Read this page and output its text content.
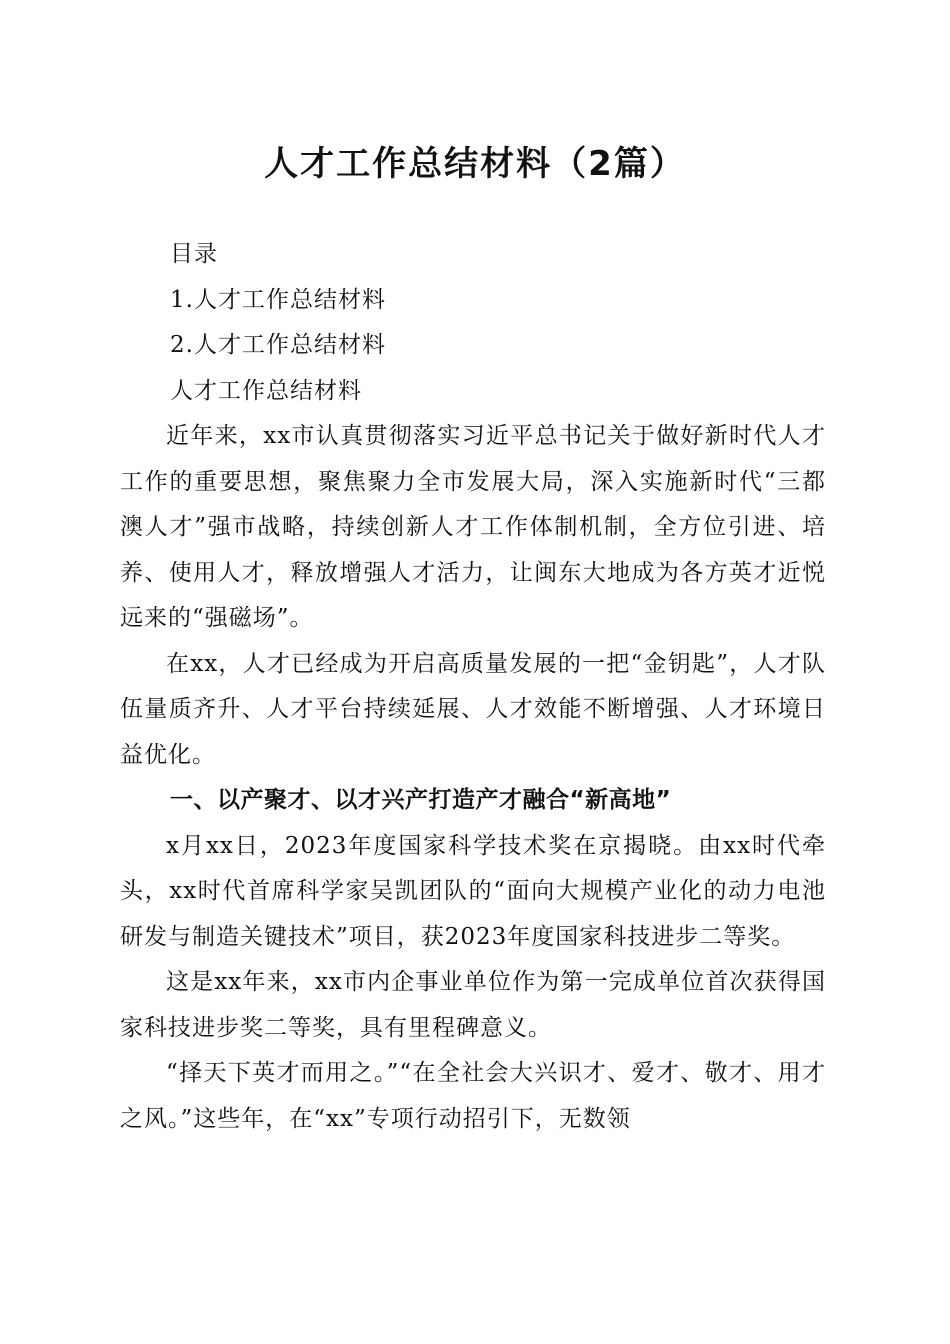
人才工作总结材料（2篇）

目录

1.人才工作总结材料

2.人才工作总结材料

人才工作总结材料

近年来，xx市认真贯彻落实习近平总书记关于做好新时代人才工作的重要思想，聚焦聚力全市发展大局，深入实施新时代“三都澳人才”强市战略，持续创新人才工作体制机制，全方位引进、培养、使用人才，释放增强人才活力，让闽东大地成为各方英才近悦远来的“强磁场”。

在xx，人才已经成为开启高质量发展的一把“金钥匙”，人才队伍量质齐升、人才平台持续延展、人才效能不断增强、人才环境日益优化。

一、以产聚才、以才兴产打造产才融合“新高地”

x月xx日，2023年度国家科学技术奖在京揭晓。由xx时代牵头，xx时代首席科学家吴凯团队的“面向大规模产业化的动力电池研发与制造关键技术”项目，获2023年度国家科技进步二等奖。

这是xx年来，xx市内企事业单位作为第一完成单位首次获得国家科技进步奖二等奖，具有里程碑意义。

“择天下英才而用之。”“在全社会大兴识才、爱才、敬才、用才之风。”这些年，在“xx”专项行动招引下，无数领
